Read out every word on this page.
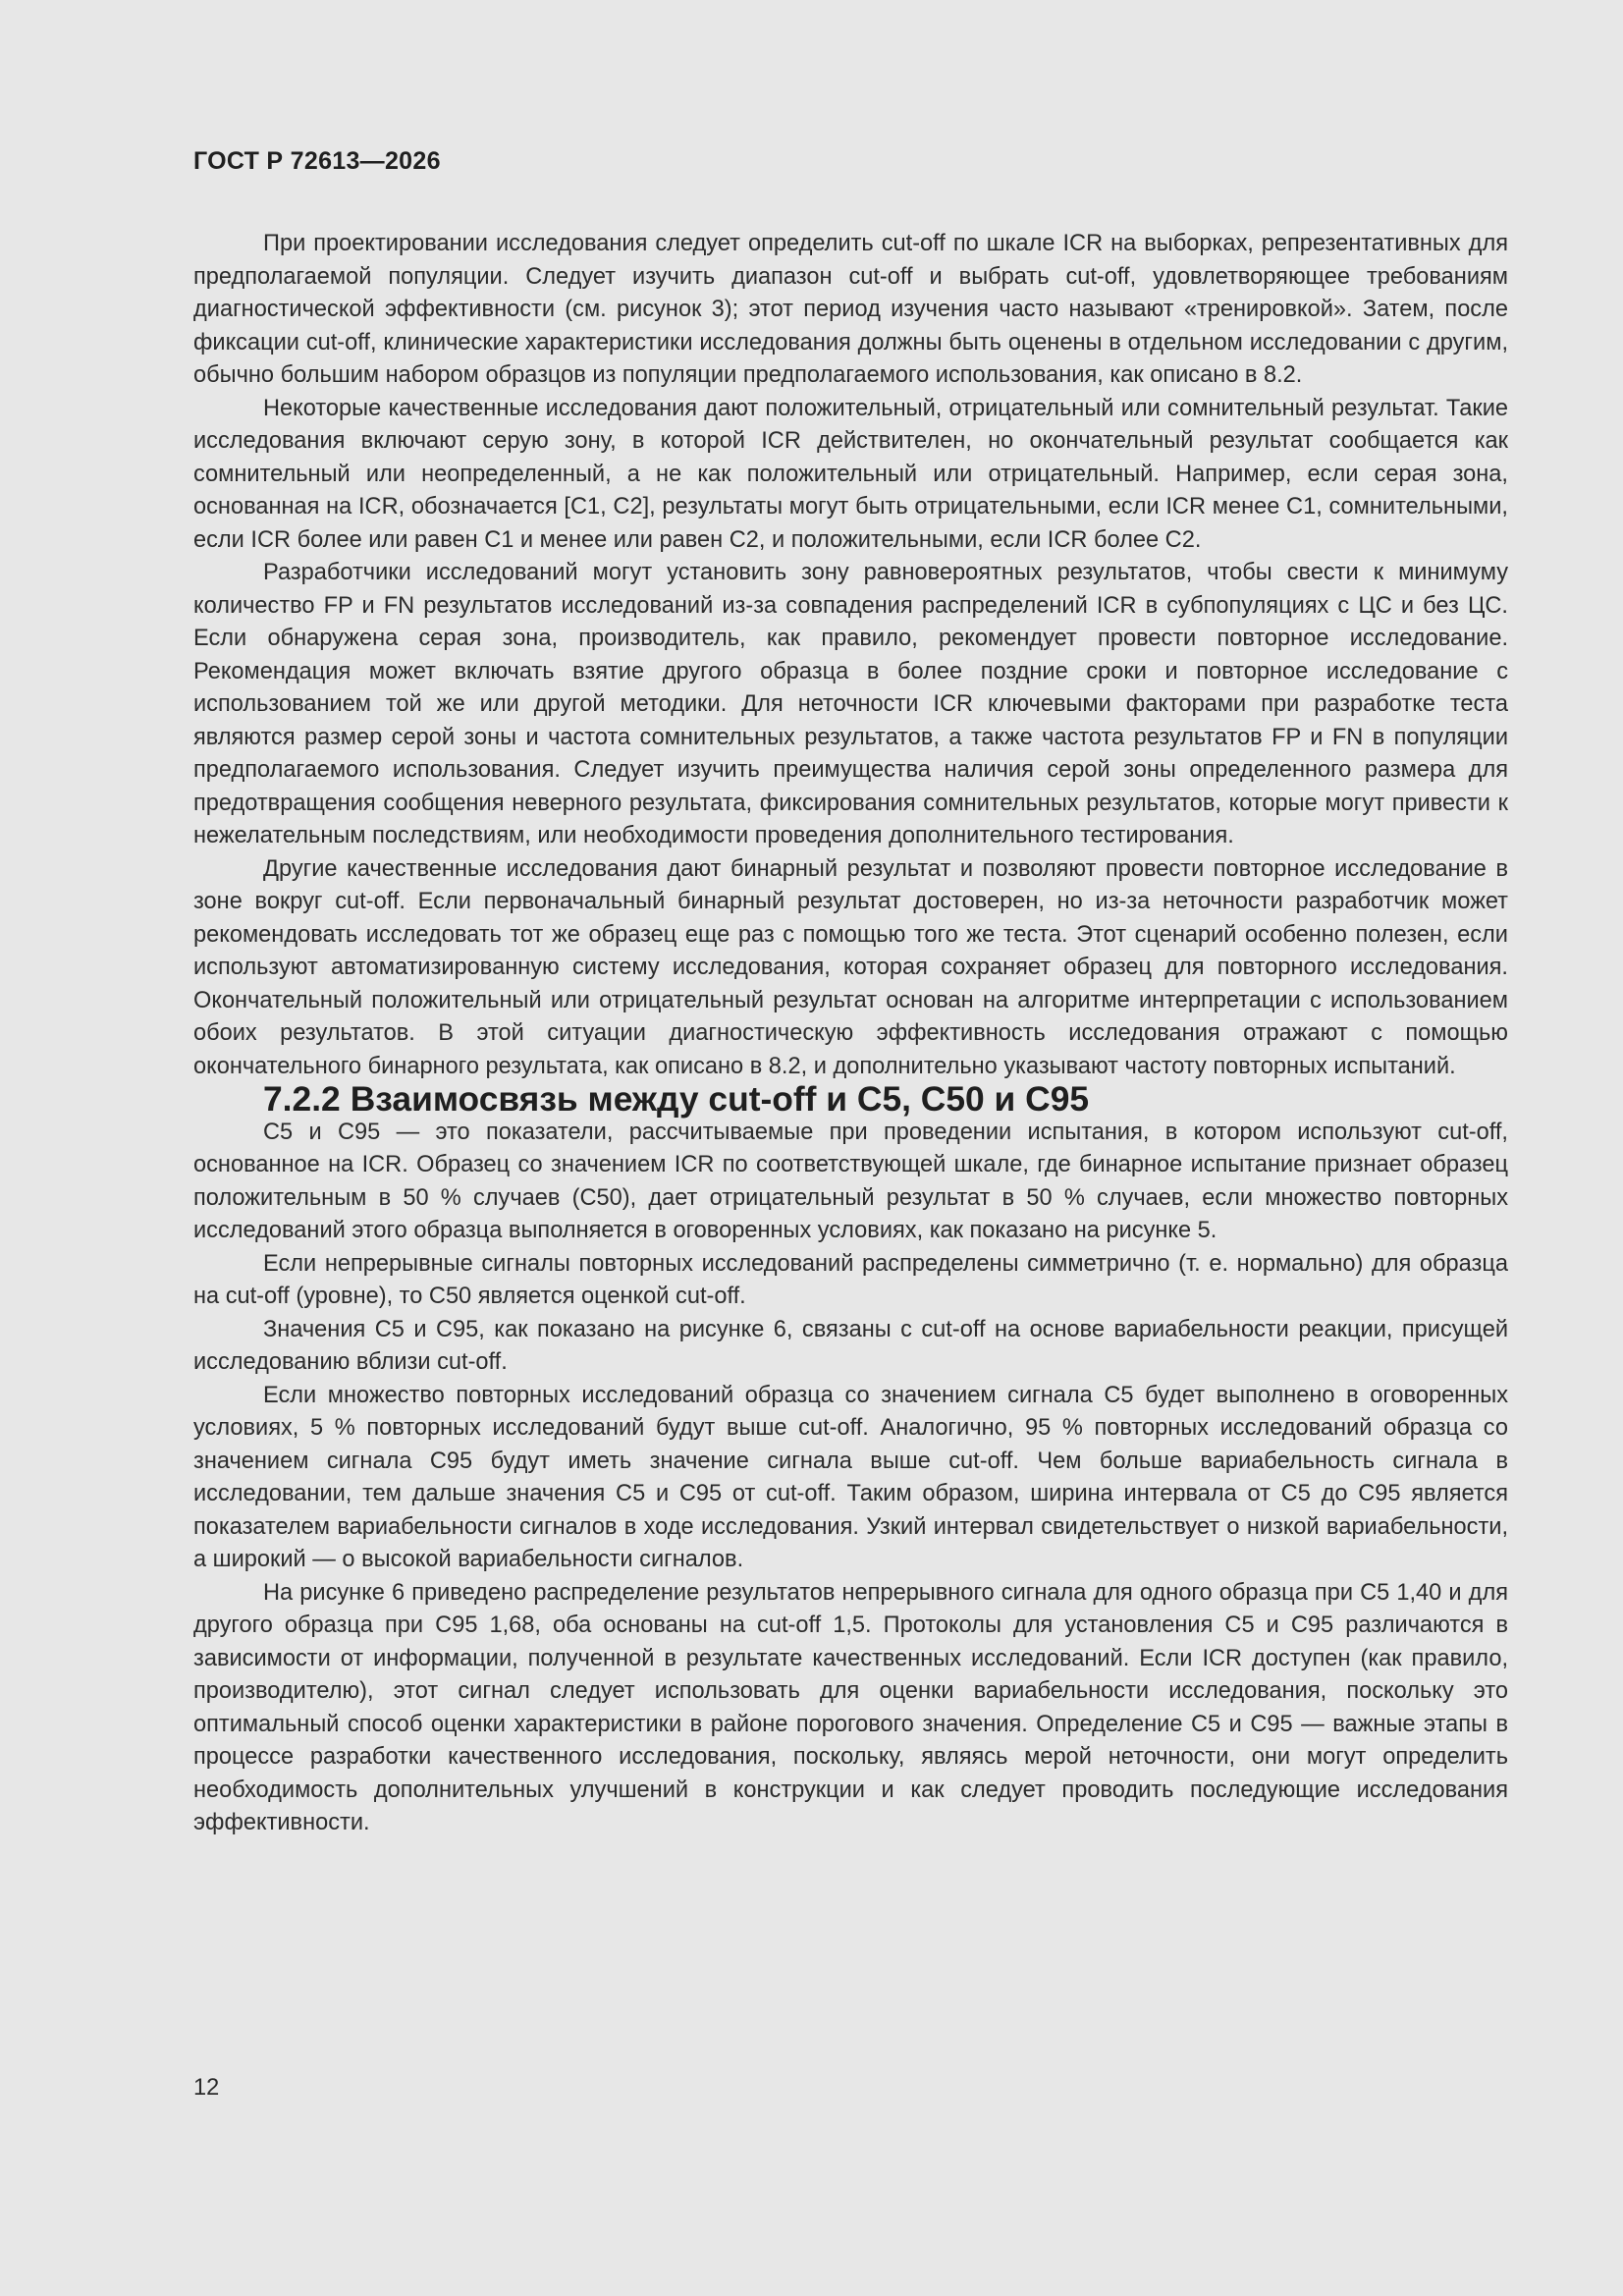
ГОСТ Р 72613—2026

При проектировании исследования следует определить cut-off по шкале ICR на выборках, репрезентативных для предполагаемой популяции. Следует изучить диапазон cut-off и выбрать cut-off, удовлетворяющее требованиям диагностической эффективности (см. рисунок 3); этот период изучения часто называют «тренировкой». Затем, после фиксации cut-off, клинические характеристики исследования должны быть оценены в отдельном исследовании с другим, обычно большим набором образцов из популяции предполагаемого использования, как описано в 8.2.

Некоторые качественные исследования дают положительный, отрицательный или сомнительный результат. Такие исследования включают серую зону, в которой ICR действителен, но окончательный результат сообщается как сомнительный или неопределенный, а не как положительный или отрицательный. Например, если серая зона, основанная на ICR, обозначается [C1, C2], результаты могут быть отрицательными, если ICR менее C1, сомнительными, если ICR более или равен C1 и менее или равен C2, и положительными, если ICR более C2.

Разработчики исследований могут установить зону равновероятных результатов, чтобы свести к минимуму количество FP и FN результатов исследований из-за совпадения распределений ICR в субпопуляциях с ЦС и без ЦС. Если обнаружена серая зона, производитель, как правило, рекомендует провести повторное исследование. Рекомендация может включать взятие другого образца в более поздние сроки и повторное исследование с использованием той же или другой методики. Для неточности ICR ключевыми факторами при разработке теста являются размер серой зоны и частота сомнительных результатов, а также частота результатов FP и FN в популяции предполагаемого использования. Следует изучить преимущества наличия серой зоны определенного размера для предотвращения сообщения неверного результата, фиксирования сомнительных результатов, которые могут привести к нежелательным последствиям, или необходимости проведения дополнительного тестирования.

Другие качественные исследования дают бинарный результат и позволяют провести повторное исследование в зоне вокруг cut-off. Если первоначальный бинарный результат достоверен, но из-за неточности разработчик может рекомендовать исследовать тот же образец еще раз с помощью того же теста. Этот сценарий особенно полезен, если используют автоматизированную систему исследования, которая сохраняет образец для повторного исследования. Окончательный положительный или отрицательный результат основан на алгоритме интерпретации с использованием обоих результатов. В этой ситуации диагностическую эффективность исследования отражают с помощью окончательного бинарного результата, как описано в 8.2, и дополнительно указывают частоту повторных испытаний.

7.2.2 Взаимосвязь между cut-off и C5, C50 и C95

C5 и C95 — это показатели, рассчитываемые при проведении испытания, в котором используют cut-off, основанное на ICR. Образец со значением ICR по соответствующей шкале, где бинарное испытание признает образец положительным в 50 % случаев (C50), дает отрицательный результат в 50 % случаев, если множество повторных исследований этого образца выполняется в оговоренных условиях, как показано на рисунке 5.

Если непрерывные сигналы повторных исследований распределены симметрично (т. е. нормально) для образца на cut-off (уровне), то C50 является оценкой cut-off.

Значения C5 и C95, как показано на рисунке 6, связаны с cut-off на основе вариабельности реакции, присущей исследованию вблизи cut-off.

Если множество повторных исследований образца со значением сигнала C5 будет выполнено в оговоренных условиях, 5 % повторных исследований будут выше cut-off. Аналогично, 95 % повторных исследований образца со значением сигнала C95 будут иметь значение сигнала выше cut-off. Чем больше вариабельность сигнала в исследовании, тем дальше значения C5 и C95 от cut-off. Таким образом, ширина интервала от C5 до C95 является показателем вариабельности сигналов в ходе исследования. Узкий интервал свидетельствует о низкой вариабельности, а широкий — о высокой вариабельности сигналов.

На рисунке 6 приведено распределение результатов непрерывного сигнала для одного образца при C5 1,40 и для другого образца при C95 1,68, оба основаны на cut-off 1,5. Протоколы для установления C5 и C95 различаются в зависимости от информации, полученной в результате качественных исследований. Если ICR доступен (как правило, производителю), этот сигнал следует использовать для оценки вариабельности исследования, поскольку это оптимальный способ оценки характеристики в районе порогового значения. Определение C5 и C95 — важные этапы в процессе разработки качественного исследования, поскольку, являясь мерой неточности, они могут определить необходимость дополнительных улучшений в конструкции и как следует проводить последующие исследования эффективности.

12
